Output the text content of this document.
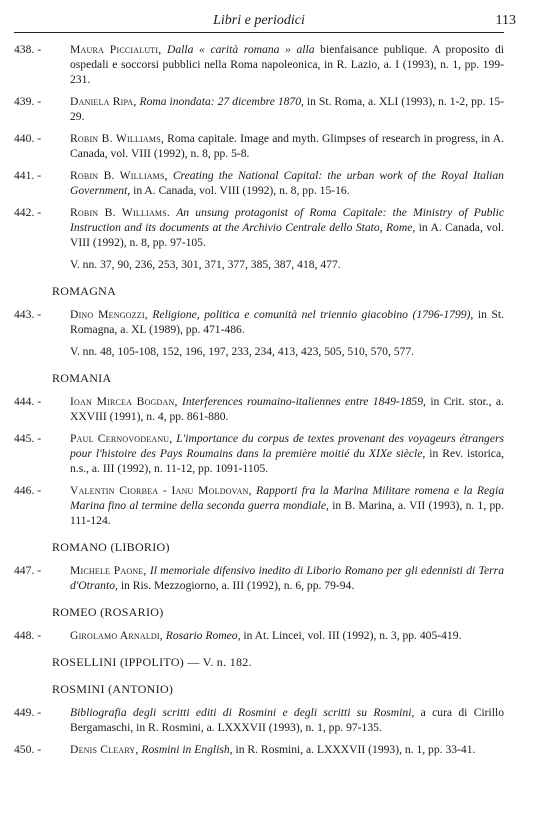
Libri e periodici	113
438. - Maura Piccialuti, Dalla « carità romana » alla bienfaisance publique. A proposito di ospedali e soccorsi pubblici nella Roma napoleonica, in R. Lazio, a. I (1993), n. 1, pp. 199-231.
439. - Daniela Ripa, Roma inondata: 27 dicembre 1870, in St. Roma, a. XLI (1993), n. 1-2, pp. 15-29.
440. - Robin B. Williams, Roma capitale. Image and myth. Glimpses of research in progress, in A. Canada, vol. VIII (1992), n. 8, pp. 5-8.
441. - Robin B. Williams, Creating the National Capital: the urban work of the Royal Italian Government, in A. Canada, vol. VIII (1992), n. 8, pp. 15-16.
442. - Robin B. Williams. An unsung protagonist of Roma Capitale: the Ministry of Public Instruction and its documents at the Archivio Centrale dello Stato, Rome, in A. Canada, vol. VIII (1992), n. 8, pp. 97-105.
V. nn. 37, 90, 236, 253, 301, 371, 377, 385, 387, 418, 477.
ROMAGNA
443. - Dino Mengozzi, Religione, politica e comunità nel triennio giacobino (1796-1799), in St. Romagna, a. XL (1989), pp. 471-486.
V. nn. 48, 105-108, 152, 196, 197, 233, 234, 413, 423, 505, 510, 570, 577.
ROMANIA
444. - Ioan Mircea Bogdan, Interferences roumaino-italiennes entre 1849-1859, in Crit. stor., a. XXVIII (1991), n. 4, pp. 861-880.
445. - Paul Cernovodeanu, L'importance du corpus de textes provenant des voyageurs étrangers pour l'histoire des Pays Roumains dans la première moitié du XIXe siècle, in Rev. istorica, n.s., a. III (1992), n. 11-12, pp. 1091-1105.
446. - Valentin Ciorbea - Ianu Moldovan, Rapporti fra la Marina Militare romena e la Regia Marina fino al termine della seconda guerra mondiale, in B. Marina, a. VII (1993), n. 1, pp. 111-124.
ROMANO (LIBORIO)
447. - Michele Paone, Il memoriale difensivo inedito di Liborio Romano per gli edennisti di Terra d'Otranto, in Ris. Mezzogiorno, a. III (1992), n. 6, pp. 79-94.
ROMEO (ROSARIO)
448. - Girolamo Arnaldi, Rosario Romeo, in At. Lincei, vol. III (1992), n. 3, pp. 405-419.
ROSELLINI (IPPOLITO) — V. n. 182.
ROSMINI (ANTONIO)
449. - Bibliografia degli scritti editi di Rosmini e degli scritti su Rosmini, a cura di Cirillo Bergamaschi, in R. Rosmini, a. LXXXVII (1993), n. 1, pp. 97-135.
450. - Denis Cleary, Rosmini in English, in R. Rosmini, a. LXXXVII (1993), n. 1, pp. 33-41.
